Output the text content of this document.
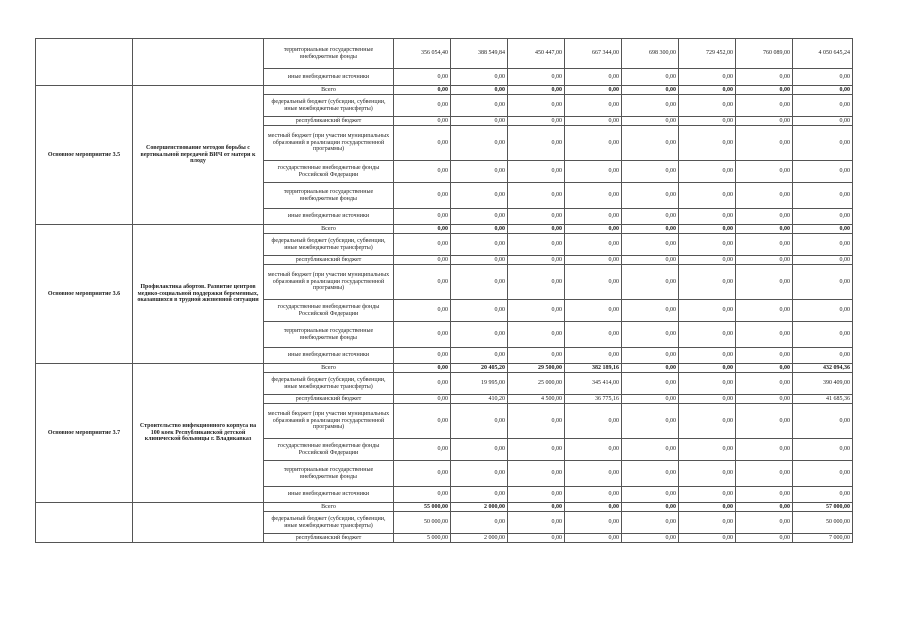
		территориальные государственные внебюджетные фонды	356 054,40	388 549,84	450 447,00	667 344,00	698 300,00	729 452,00	760 089,00	4 050 645,24
		иные внебюджетные источники	0,00	0,00	0,00	0,00	0,00	0,00	0,00	0,00
Основное мероприятие 3.5	Совершенствование методов борьбы с вертикальной передачей ВИЧ от матери к плоду	Всего	0,00	0,00	0,00	0,00	0,00	0,00	0,00	0,00
		федеральный бюджет (субсидии, субвенции, иные межбюджетные трансферты)	0,00	0,00	0,00	0,00	0,00	0,00	0,00	0,00
		республиканский бюджет	0,00	0,00	0,00	0,00	0,00	0,00	0,00	0,00
		местный бюджет (при участии муниципальных образований в реализации государственной программы)	0,00	0,00	0,00	0,00	0,00	0,00	0,00	0,00
		государственные внебюджетные фонды Российской Федерации	0,00	0,00	0,00	0,00	0,00	0,00	0,00	0,00
		территориальные государственные внебюджетные фонды	0,00	0,00	0,00	0,00	0,00	0,00	0,00	0,00
		иные внебюджетные источники	0,00	0,00	0,00	0,00	0,00	0,00	0,00	0,00
Основное мероприятие 3.6	Профилактика абортов. Развитие центров медико-социальной поддержки беременных, оказавшихся в трудной жизненной ситуации	Всего	0,00	0,00	0,00	0,00	0,00	0,00	0,00	0,00
		федеральный бюджет (субсидии, субвенции, иные межбюджетные трансферты)	0,00	0,00	0,00	0,00	0,00	0,00	0,00	0,00
		республиканский бюджет	0,00	0,00	0,00	0,00	0,00	0,00	0,00	0,00
		местный бюджет (при участии муниципальных образований в реализации государственной программы)	0,00	0,00	0,00	0,00	0,00	0,00	0,00	0,00
		государственные внебюджетные фонды Российской Федерации	0,00	0,00	0,00	0,00	0,00	0,00	0,00	0,00
		территориальные государственные внебюджетные фонды	0,00	0,00	0,00	0,00	0,00	0,00	0,00	0,00
		иные внебюджетные источники	0,00	0,00	0,00	0,00	0,00	0,00	0,00	0,00
Основное мероприятие 3.7	Строительство инфекционного корпуса на 100 коек Республиканской детской клинической больницы г. Владикавказ	Всего	0,00	20 405,20	29 500,00	382 189,16	0,00	0,00	0,00	432 094,36
		федеральный бюджет (субсидии, субвенции, иные межбюджетные трансферты)	0,00	19 995,00	25 000,00	345 414,00	0,00	0,00	0,00	390 409,00
		республиканский бюджет	0,00	410,20	4 500,00	36 775,16	0,00	0,00	0,00	41 685,36
		местный бюджет (при участии муниципальных образований в реализации государственной программы)	0,00	0,00	0,00	0,00	0,00	0,00	0,00	0,00
		государственные внебюджетные фонды Российской Федерации	0,00	0,00	0,00	0,00	0,00	0,00	0,00	0,00
		территориальные государственные внебюджетные фонды	0,00	0,00	0,00	0,00	0,00	0,00	0,00	0,00
		иные внебюджетные источники	0,00	0,00	0,00	0,00	0,00	0,00	0,00	0,00
		Всего	55 000,00	2 000,00	0,00	0,00	0,00	0,00	0,00	57 000,00
		федеральный бюджет (субсидии, субвенции, иные межбюджетные трансферты)	50 000,00	0,00	0,00	0,00	0,00	0,00	0,00	50 000,00
		республиканский бюджет	5 000,00	2 000,00	0,00	0,00	0,00	0,00	0,00	7 000,00
